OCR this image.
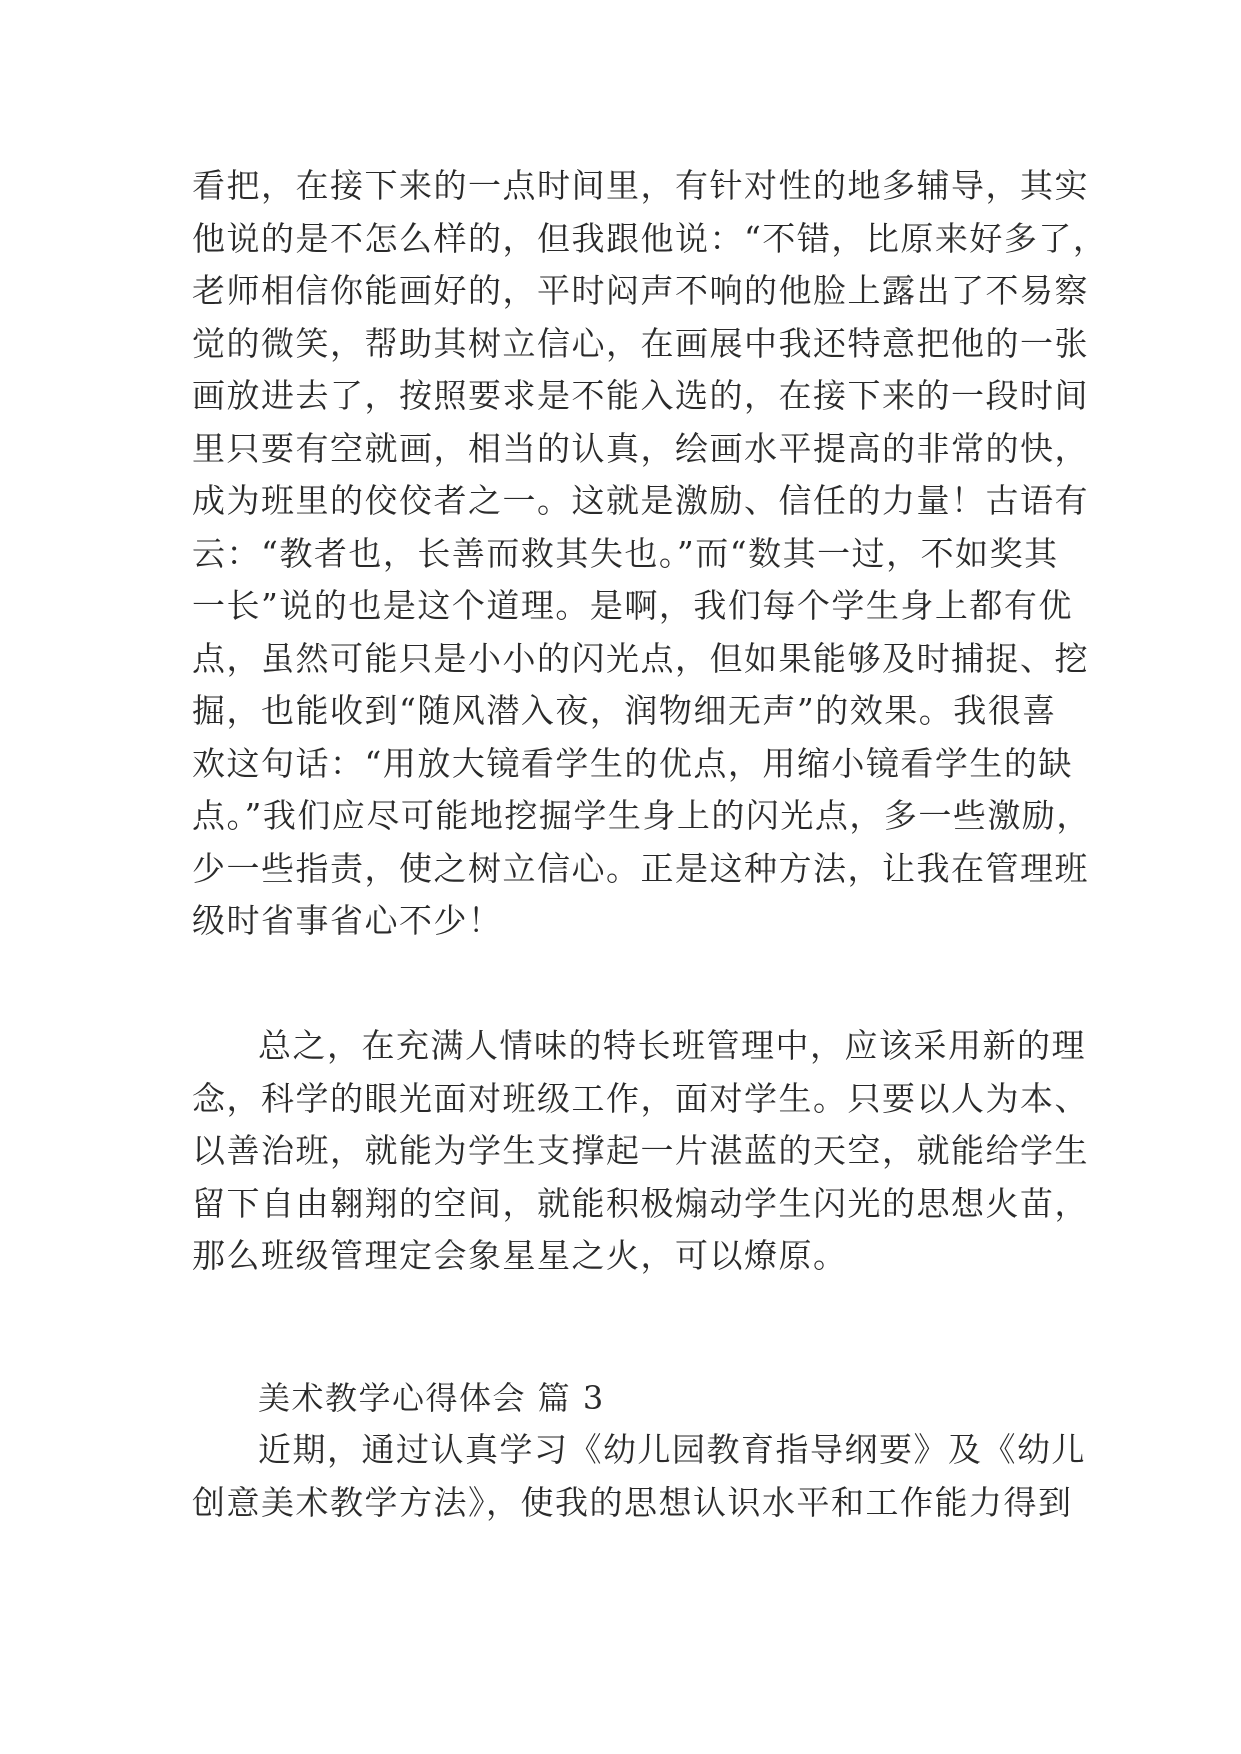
看把，在接下来的一点时间里，有针对性的地多辅导，其实
他说的是不怎么样的，但我跟他说：“不错，比原来好多了，
老师相信你能画好的，平时闷声不响的他脸上露出了不易察
觉的微笑，帮助其树立信心，在画展中我还特意把他的一张
画放进去了，按照要求是不能入选的，在接下来的一段时间
里只要有空就画，相当的认真，绘画水平提高的非常的快，
成为班里的佼佼者之一。这就是激励、信任的力量！古语有
云：“教者也，长善而救其失也。”而“数其一过，不如奖其
一长”说的也是这个道理。是啊，我们每个学生身上都有优
点，虽然可能只是小小的闪光点，但如果能够及时捕捉、挖
掘，也能收到“随风潜入夜，润物细无声”的效果。我很喜
欢这句话：“用放大镜看学生的优点，用缩小镜看学生的缺
点。”我们应尽可能地挖掘学生身上的闪光点，多一些激励，
少一些指责，使之树立信心。正是这种方法，让我在管理班
级时省事省心不少！
总之，在充满人情味的特长班管理中，应该采用新的理
念，科学的眼光面对班级工作，面对学生。只要以人为本、
以善治班，就能为学生支撑起一片湛蓝的天空，就能给学生
留下自由翱翔的空间，就能积极煽动学生闪光的思想火苗，
那么班级管理定会象星星之火，可以燎原。
美术教学心得体会 篇 3
近期，通过认真学习《幼儿园教育指导纲要》及《幼儿
创意美术教学方法》，使我的思想认识水平和工作能力得到
